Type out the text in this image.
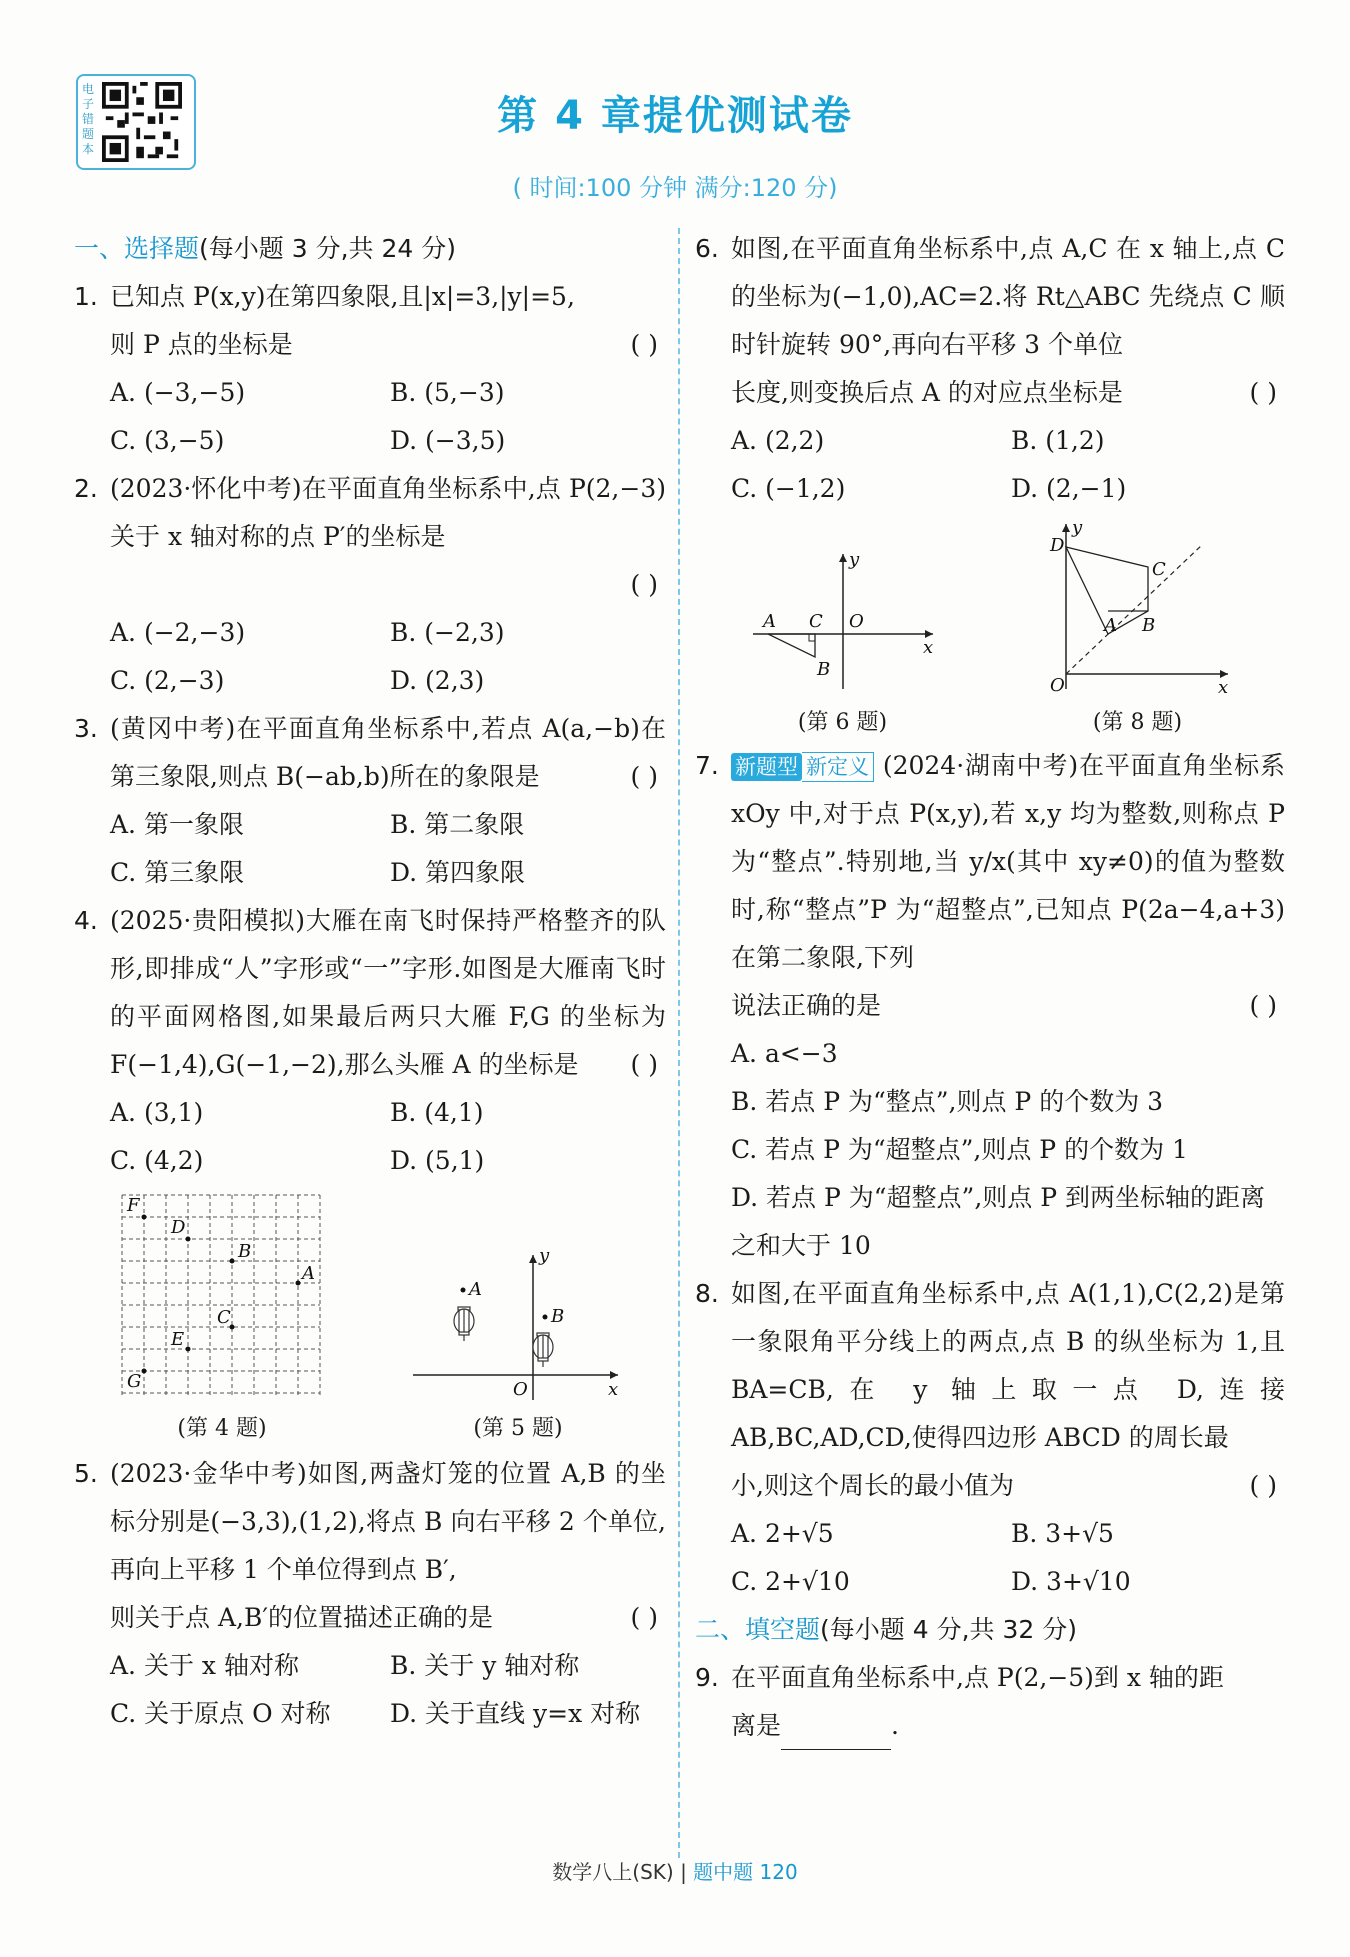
电子错题本
第 4 章提优测试卷
( 时间:100 分钟 满分:120 分)
一、选择题(每小题 3 分,共 24 分)
1. 已知点 P(x,y)在第四象限,且|x|=3,|y|=5,
( )
则 P 点的坐标是
A. (−3,−5)	B. (5,−3)
C. (3,−5)	D. (−3,5)
2. (2023·怀化中考)在平面直角坐标系中,点 P(2,−3)关于 x 轴对称的点 P′的坐标是
( )
A. (−2,−3)	B. (−2,3)
C. (2,−3)	D. (2,3)
3. (黄冈中考)在平面直角坐标系中,若点 A(a,−b)在第三象限,则点 B(−ab,b)所在的象限是	( )
A. 第一象限	B. 第二象限
C. 第三象限	D. 第四象限
4. (2025·贵阳模拟)大雁在南飞时保持严格整齐的队形,即排成“人”字形或“一”字形.如图是大雁南飞时的平面网格图,如果最后两只大雁 F,G 的坐标为 F(−1,4),G(−1,−2),那么头雁 A 的坐标是	( )
A. (3,1)	B. (4,1)
C. (4,2)	D. (5,1)
F
D
B
A
C
E
G
(第 4 题)
A
B
O	x
y
(第 5 题)
5. (2023·金华中考)如图,两盏灯笼的位置 A,B 的坐标分别是(−3,3),(1,2),将点 B 向右平移 2 个单位,再向上平移 1 个单位得到点 B′,
( )
则关于点 A,B′的位置描述正确的是
A. 关于 x 轴对称	B. 关于 y 轴对称
C. 关于原点 O 对称	D. 关于直线 y=x 对称
6. 如图,在平面直角坐标系中,点 A,C 在 x 轴上,点 C 的坐标为(−1,0),AC=2.将 Rt△ABC 先绕点 C 顺时针旋转 90°,再向右平移 3 个单位
( )
长度,则变换后点 A 的对应点坐标是
A. (2,2)	B. (1,2)
C. (−1,2)	D. (2,−1)
A C O
B
x
y
(第 6 题)
D
C
A B
O	x
y
(第 8 题)
7. 新题型 新定义 (2024·湖南中考)在平面直角坐标系 xOy 中,对于点 P(x,y),若 x,y 均为整数,则称点 P 为“整点”.特别地,当 y/x(其中 xy≠0)的值为整数时,称“整点”P 为“超整点”,已知点 P(2a−4,a+3)在第二象限,下列
( )
说法正确的是
A. a<−3
B. 若点 P 为“整点”,则点 P 的个数为 3
C. 若点 P 为“超整点”,则点 P 的个数为 1
D. 若点 P 为“超整点”,则点 P 到两坐标轴的距离之和大于 10
8. 如图,在平面直角坐标系中,点 A(1,1),C(2,2)是第一象限角平分线上的两点,点 B 的纵坐标为 1,且 BA=CB,在 y 轴上取一点 D,连接 AB,BC,AD,CD,使得四边形 ABCD 的周长最
( )
小,则这个周长的最小值为
A. 2+√5	B. 3+√5
C. 2+√10	D. 3+√10
二、填空题(每小题 4 分,共 32 分)
9. 在平面直角坐标系中,点 P(2,−5)到 x 轴的距
离是	.
数学八上(SK) | 题中题 120
